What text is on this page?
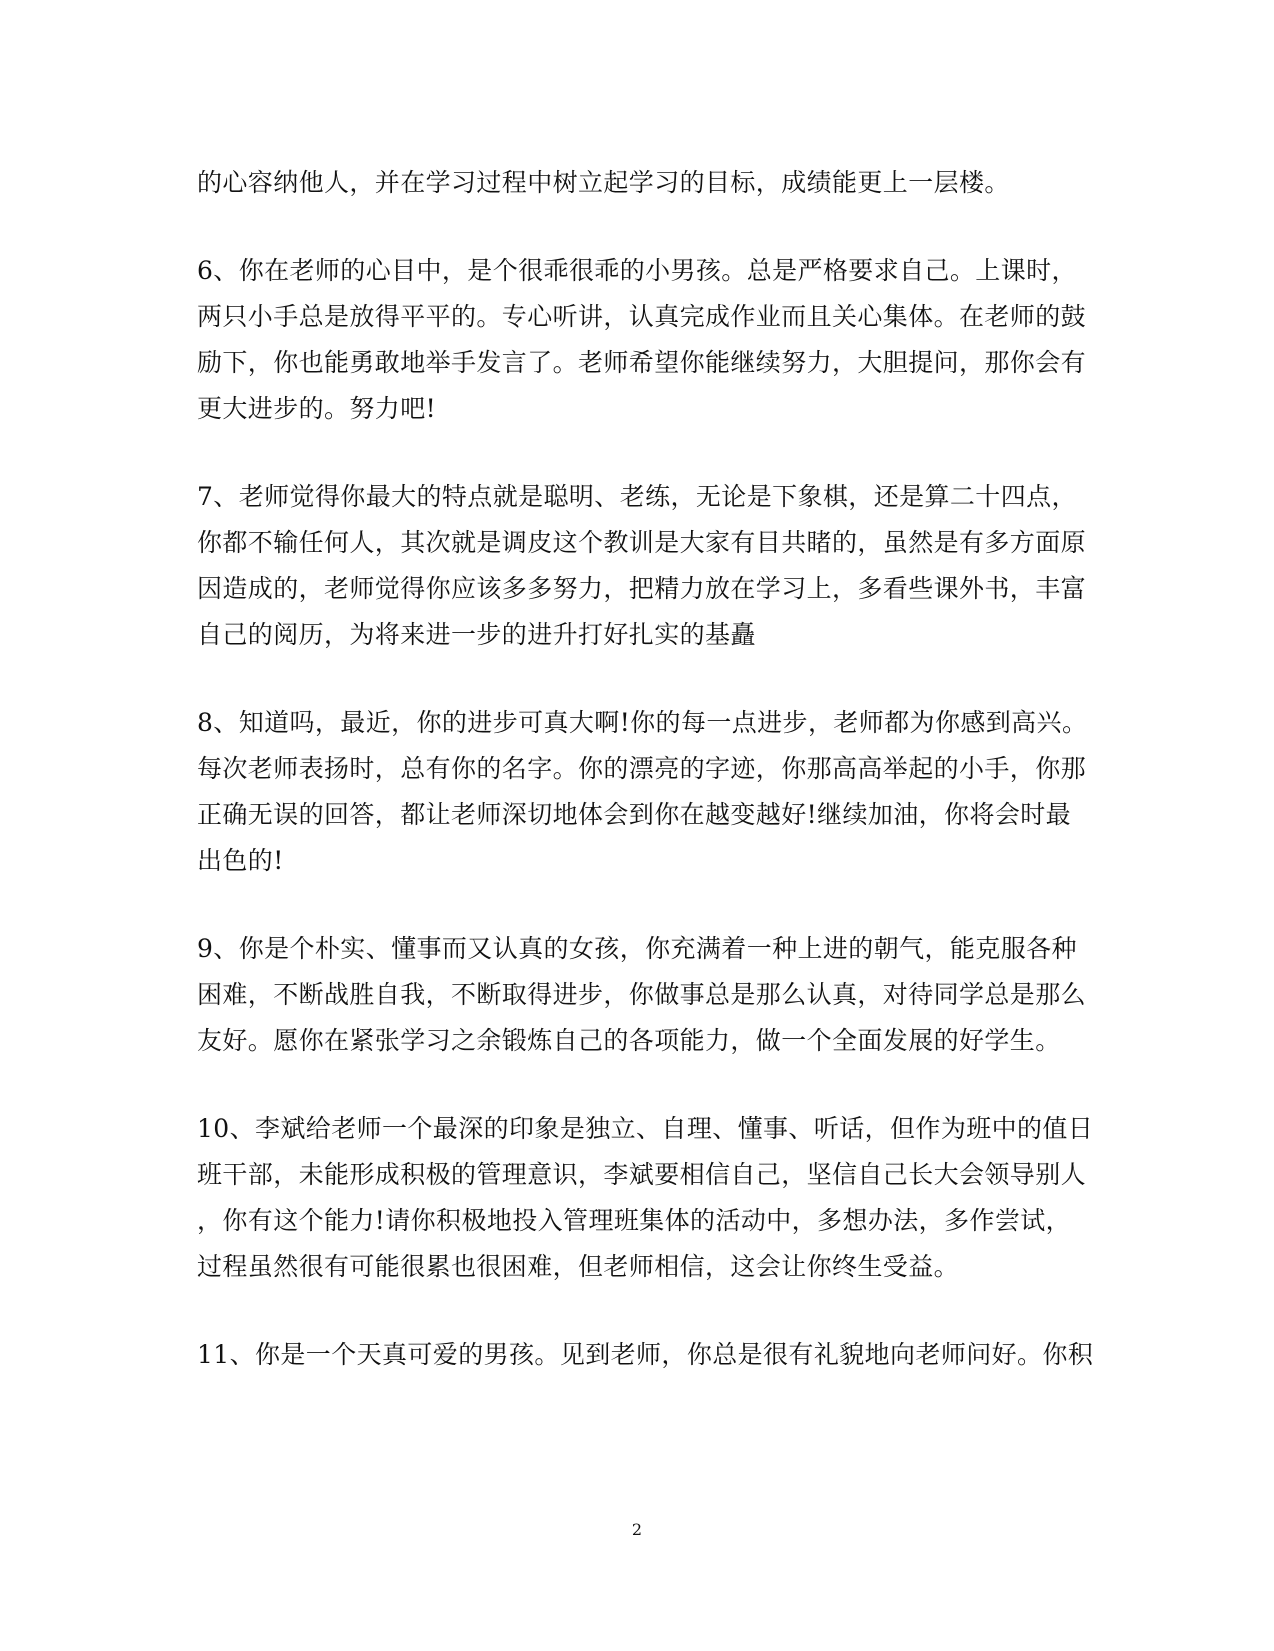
的心容纳他人，并在学习过程中树立起学习的目标，成绩能更上一层楼。
6、你在老师的心目中，是个很乖很乖的小男孩。总是严格要求自己。上课时，
两只小手总是放得平平的。专心听讲，认真完成作业而且关心集体。在老师的鼓
励下，你也能勇敢地举手发言了。老师希望你能继续努力，大胆提问，那你会有
更大进步的。努力吧!
7、老师觉得你最大的特点就是聪明、老练，无论是下象棋，还是算二十四点，
你都不输任何人，其次就是调皮这个教训是大家有目共睹的，虽然是有多方面原
因造成的，老师觉得你应该多多努力，把精力放在学习上，多看些课外书，丰富
自己的阅历，为将来进一步的进升打好扎实的基矗
8、知道吗，最近，你的进步可真大啊!你的每一点进步，老师都为你感到高兴。
每次老师表扬时，总有你的名字。你的漂亮的字迹，你那高高举起的小手，你那
正确无误的回答，都让老师深切地体会到你在越变越好!继续加油，你将会时最
出色的!
9、你是个朴实、懂事而又认真的女孩，你充满着一种上进的朝气，能克服各种
困难，不断战胜自我，不断取得进步，你做事总是那么认真，对待同学总是那么
友好。愿你在紧张学习之余锻炼自己的各项能力，做一个全面发展的好学生。
10、李斌给老师一个最深的印象是独立、自理、懂事、听话，但作为班中的值日
班干部，未能形成积极的管理意识，李斌要相信自己，坚信自己长大会领导别人
，你有这个能力!请你积极地投入管理班集体的活动中，多想办法，多作尝试，
过程虽然很有可能很累也很困难，但老师相信，这会让你终生受益。
11、你是一个天真可爱的男孩。见到老师，你总是很有礼貌地向老师问好。你积
2
